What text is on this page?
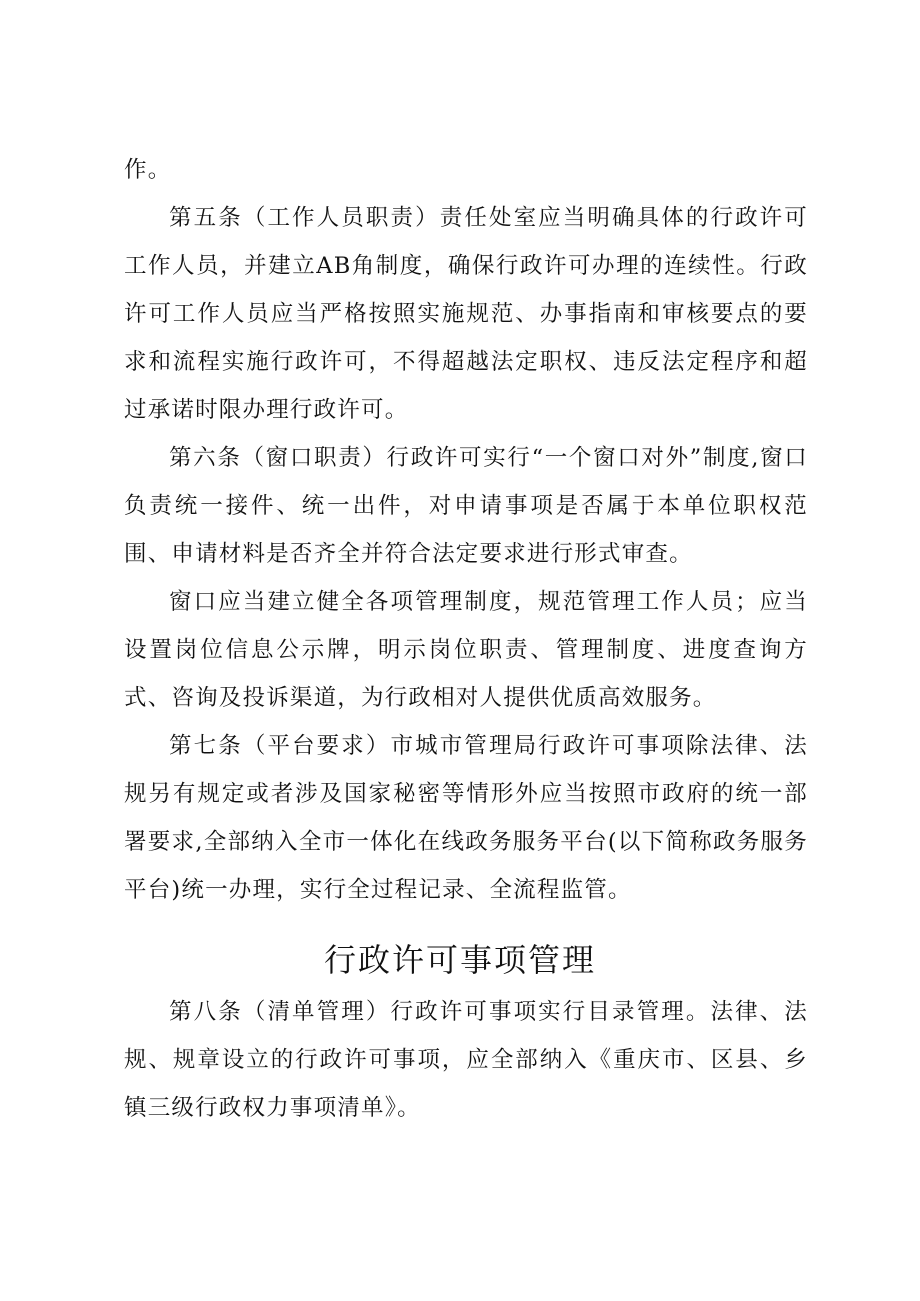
作。

第五条（工作人员职责）责任处室应当明确具体的行政许可工作人员，并建立AB角制度，确保行政许可办理的连续性。行政许可工作人员应当严格按照实施规范、办事指南和审核要点的要求和流程实施行政许可，不得超越法定职权、违反法定程序和超过承诺时限办理行政许可。

第六条（窗口职责）行政许可实行“一个窗口对外”制度,窗口负责统一接件、统一出件，对申请事项是否属于本单位职权范围、申请材料是否齐全并符合法定要求进行形式审查。

窗口应当建立健全各项管理制度，规范管理工作人员；应当设置岗位信息公示牌，明示岗位职责、管理制度、进度查询方式、咨询及投诉渠道，为行政相对人提供优质高效服务。

第七条（平台要求）市城市管理局行政许可事项除法律、法规另有规定或者涉及国家秘密等情形外应当按照市政府的统一部署要求,全部纳入全市一体化在线政务服务平台(以下简称政务服务平台)统一办理，实行全过程记录、全流程监管。

行政许可事项管理

第八条（清单管理）行政许可事项实行目录管理。法律、法规、规章设立的行政许可事项，应全部纳入《重庆市、区县、乡镇三级行政权力事项清单》。
